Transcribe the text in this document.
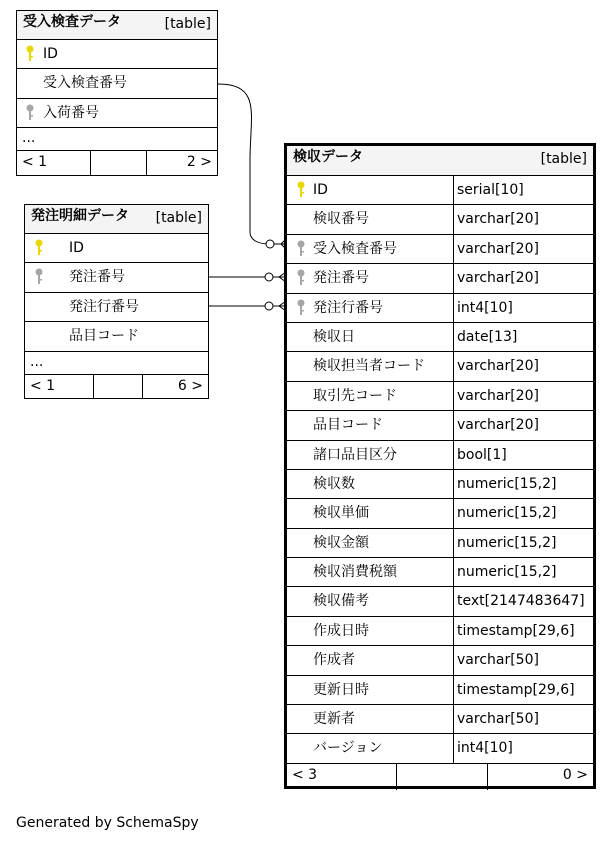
受入検査データ	[table]
ID
受入検査番号
入荷番号
...
< 1	2 >
発注明細データ [table]
ID
発注番号
発注行番号
品目コード
...
< 1	6 >
検収データ	[table]
ID	serial[10]
検収番号	varchar[20]
受入検査番号	varchar[20]
発注番号	varchar[20]
発注行番号	int4[10]
検収日	date[13]
検収担当者コード varchar[20]
取引先コード	varchar[20]
品目コード	varchar[20]
諸口品目区分	bool[1]
検収数	numeric[15,2]
検収単価	numeric[15,2]
検収金額	numeric[15,2]
検収消費税額	numeric[15,2]
検収備考	text[2147483647]
作成日時	timestamp[29,6]
作成者	varchar[50]
更新日時	timestamp[29,6]
更新者	varchar[50]
バージョン	int4[10]
< 3	0 >
Generated by SchemaSpy
